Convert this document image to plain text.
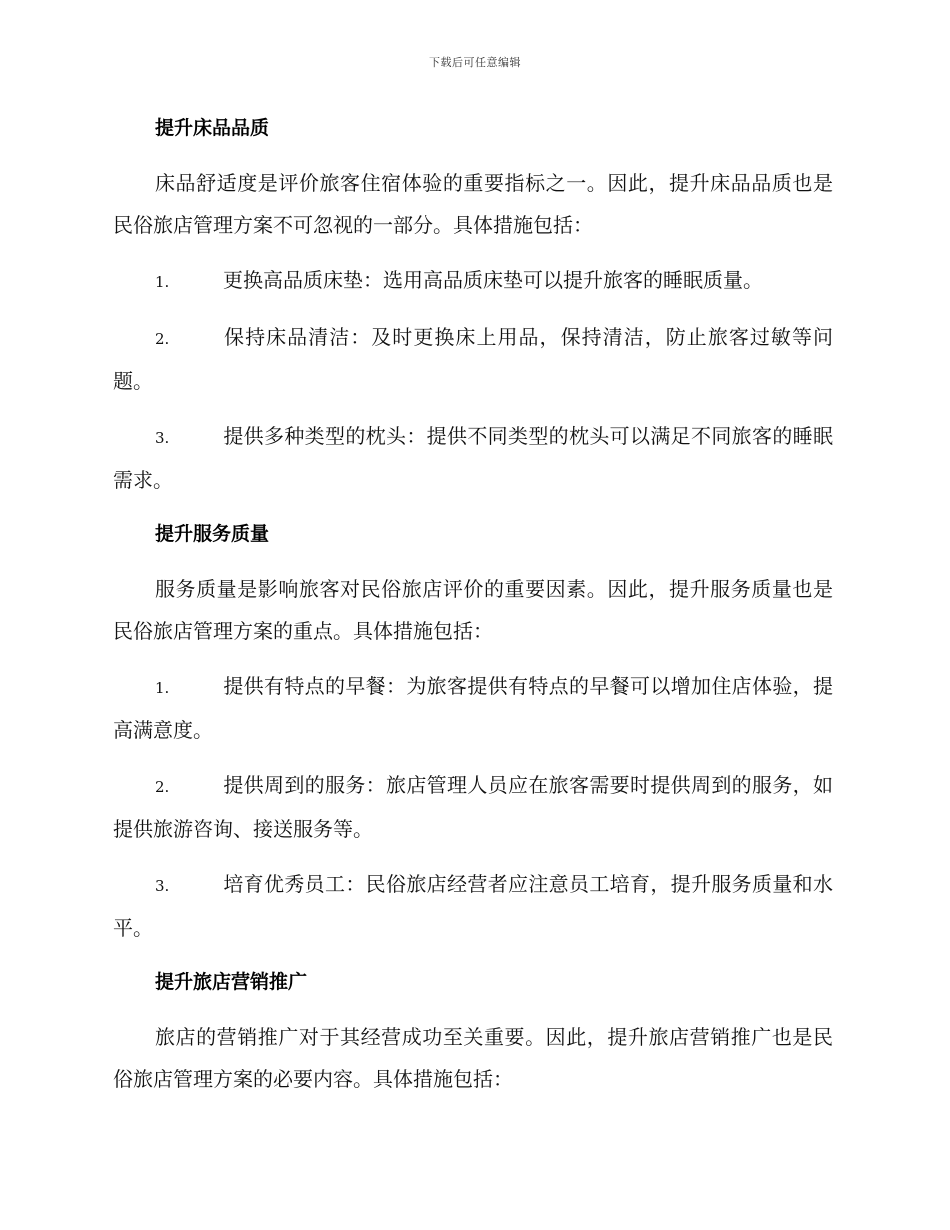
下载后可任意编辑
提升床品品质

床品舒适度是评价旅客住宿体验的重要指标之一。因此，提升床品品质也是民俗旅店管理方案不可忽视的一部分。具体措施包括：

1.	更换高品质床垫：选用高品质床垫可以提升旅客的睡眠质量。

2.	保持床品清洁：及时更换床上用品，保持清洁，防止旅客过敏等问题。

3.	提供多种类型的枕头：提供不同类型的枕头可以满足不同旅客的睡眠需求。

提升服务质量

服务质量是影响旅客对民俗旅店评价的重要因素。因此，提升服务质量也是民俗旅店管理方案的重点。具体措施包括：

1.	提供有特点的早餐：为旅客提供有特点的早餐可以增加住店体验，提高满意度。

2.	提供周到的服务：旅店管理人员应在旅客需要时提供周到的服务，如提供旅游咨询、接送服务等。

3.	培育优秀员工：民俗旅店经营者应注意员工培育，提升服务质量和水平。

提升旅店营销推广

旅店的营销推广对于其经营成功至关重要。因此，提升旅店营销推广也是民俗旅店管理方案的必要内容。具体措施包括：
